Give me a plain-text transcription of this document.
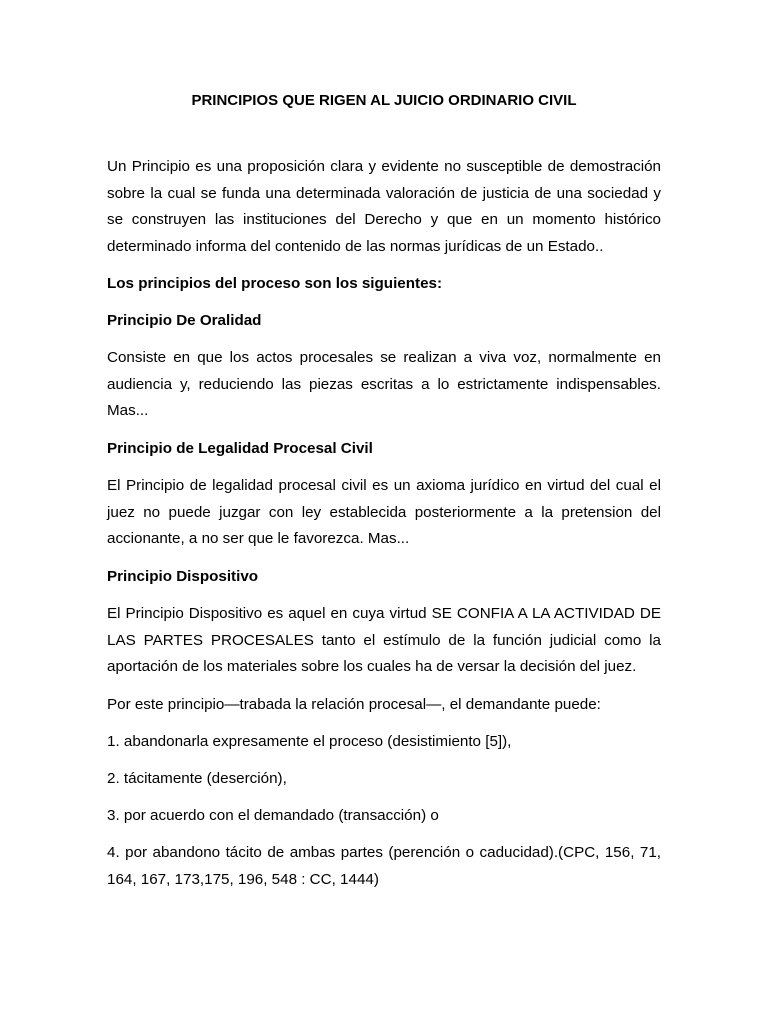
PRINCIPIOS QUE RIGEN AL JUICIO ORDINARIO CIVIL

Un Principio es una proposición clara y evidente no susceptible de demostración sobre la cual se funda una determinada valoración de justicia de una sociedad y se construyen las instituciones del Derecho y que en un momento histórico determinado informa del contenido de las normas jurídicas de un Estado..

Los principios del proceso son los siguientes:

Principio De Oralidad

Consiste en que los actos procesales se realizan a viva voz, normalmente en audiencia y, reduciendo las piezas escritas a lo estrictamente indispensables. Mas...

Principio de Legalidad Procesal Civil

El Principio de legalidad procesal civil es un axioma jurídico en virtud del cual el juez no puede juzgar con ley establecida posteriormente a la pretension del accionante, a no ser que le favorezca. Mas...

Principio Dispositivo

El Principio Dispositivo es aquel en cuya virtud SE CONFIA A LA ACTIVIDAD DE LAS PARTES PROCESALES tanto el estímulo de la función judicial como la aportación de los materiales sobre los cuales ha de versar la decisión del juez.

Por este principio—trabada la relación procesal—, el demandante puede:

1. abandonarla expresamente el proceso (desistimiento [5]),

2. tácitamente (deserción),

3. por acuerdo con el demandado (transacción) o

4. por abandono tácito de ambas partes (perención o caducidad).(CPC, 156, 71, 164, 167, 173,175, 196, 548 : CC, 1444)
